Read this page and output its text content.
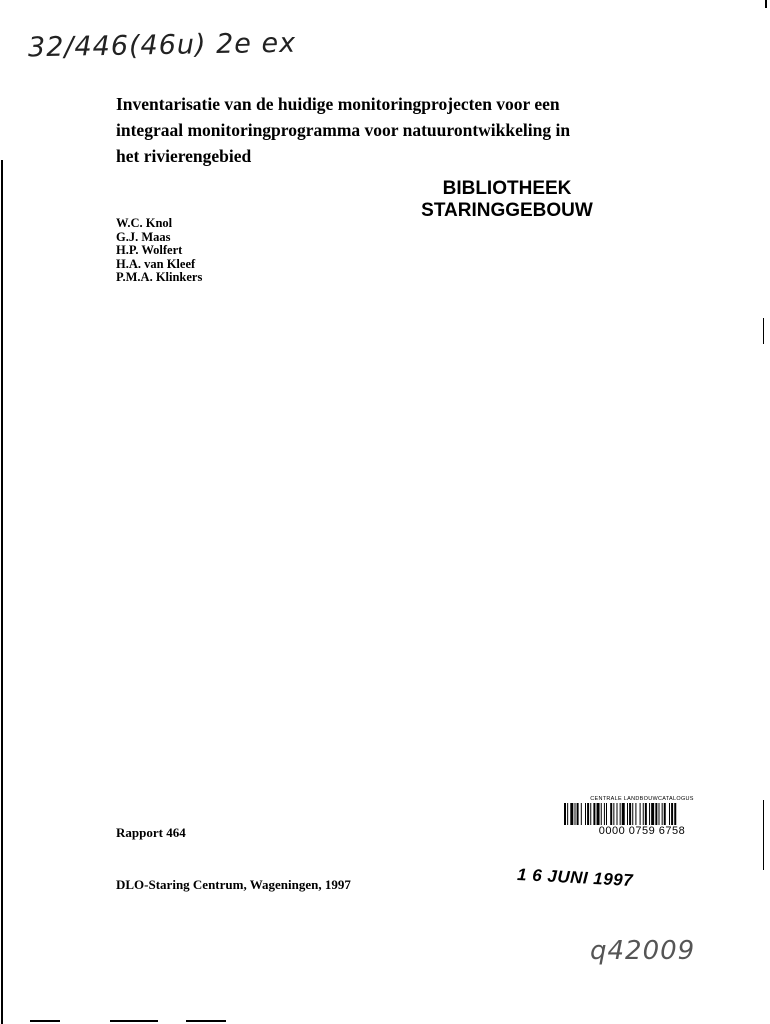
32/446(46u) 2e ex
Inventarisatie van de huidige monitoringprojecten voor een
integraal monitoringprogramma voor natuurontwikkeling in
het rivierengebied
BIBLIOTHEEK
STARINGGEBOUW
W.C. Knol
G.J. Maas
H.P. Wolfert
H.A. van Kleef
P.M.A. Klinkers
CENTRALE LANDBOUWCATALOGUS
0000 0759 6758
Rapport 464
DLO-Staring Centrum, Wageningen, 1997	1 6 JUNI 1997
q42009
